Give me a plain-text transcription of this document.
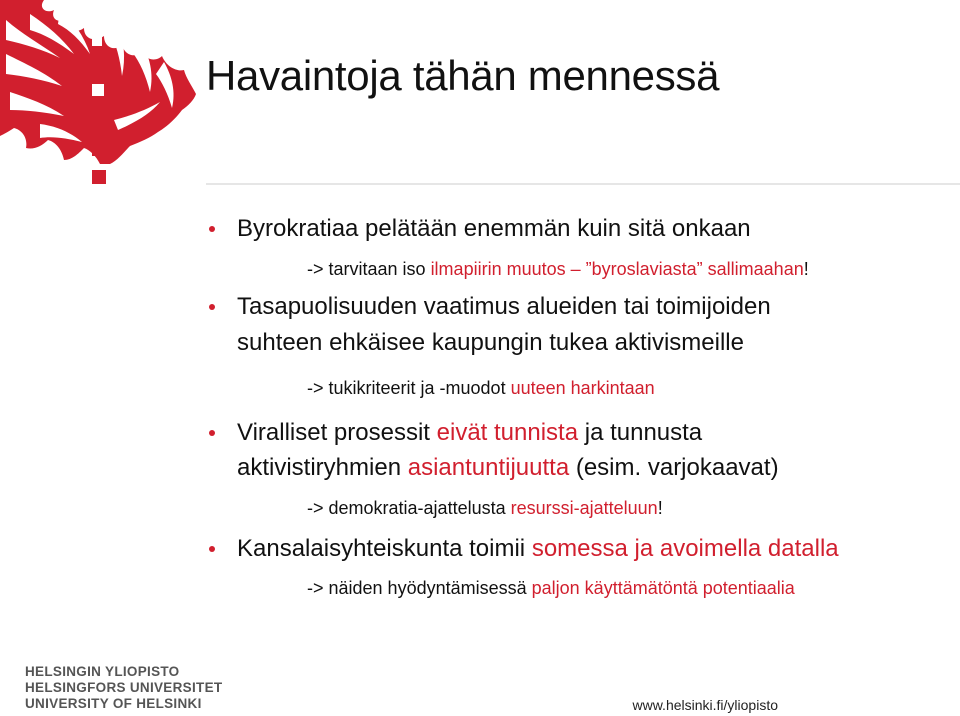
Havaintoja tähän mennessä
Byrokratiaa pelätään enemmän kuin sitä onkaan
-> tarvitaan iso ilmapiirin muutos – ”byroslaviasta” sallimaahan!
Tasapuolisuuden vaatimus alueiden tai toimijoiden
suhteen ehkäisee kaupungin tukea aktivismeille
-> tukikriteerit ja -muodot uuteen harkintaan
Viralliset prosessit eivät tunnista ja tunnusta
aktivistiryhmien asiantuntijuutta (esim. varjokaavat)
-> demokratia-ajattelusta resurssi-ajatteluun!
Kansalaisyhteiskunta toimii somessa ja avoimella datalla
-> näiden hyödyntämisessä paljon käyttämätöntä potentiaalia
HELSINGIN YLIOPISTO
HELSINGFORS UNIVERSITET
UNIVERSITY OF HELSINKI	www.helsinki.fi/yliopisto
